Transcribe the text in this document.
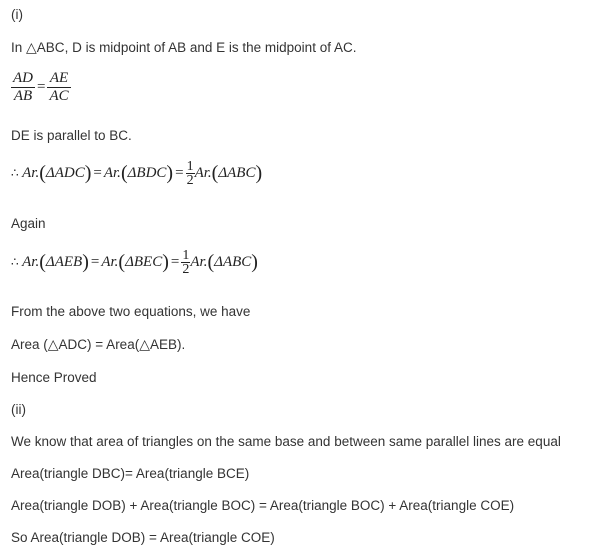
(i)
In △ABC, D is midpoint of AB and E is the midpoint of AC.
$\frac{AD}{AB} = \frac{AE}{AC}$
DE is parallel to BC.
∴ $Ar.(\Delta ADC) = Ar.(\Delta BDC) = \frac{1}{2} Ar.(\Delta ABC)$
Again
∴ $Ar.(\Delta AEB) = Ar.(\Delta BEC) = \frac{1}{2} Ar.(\Delta ABC)$
From the above two equations, we have
Area (△ADC) = Area(△AEB).
Hence Proved
(ii)
We know that area of triangles on the same base and between same parallel lines are equal
Area(triangle DBC)= Area(triangle BCE)
Area(triangle DOB) + Area(triangle BOC) = Area(triangle BOC) + Area(triangle COE)
So Area(triangle DOB) = Area(triangle COE)
